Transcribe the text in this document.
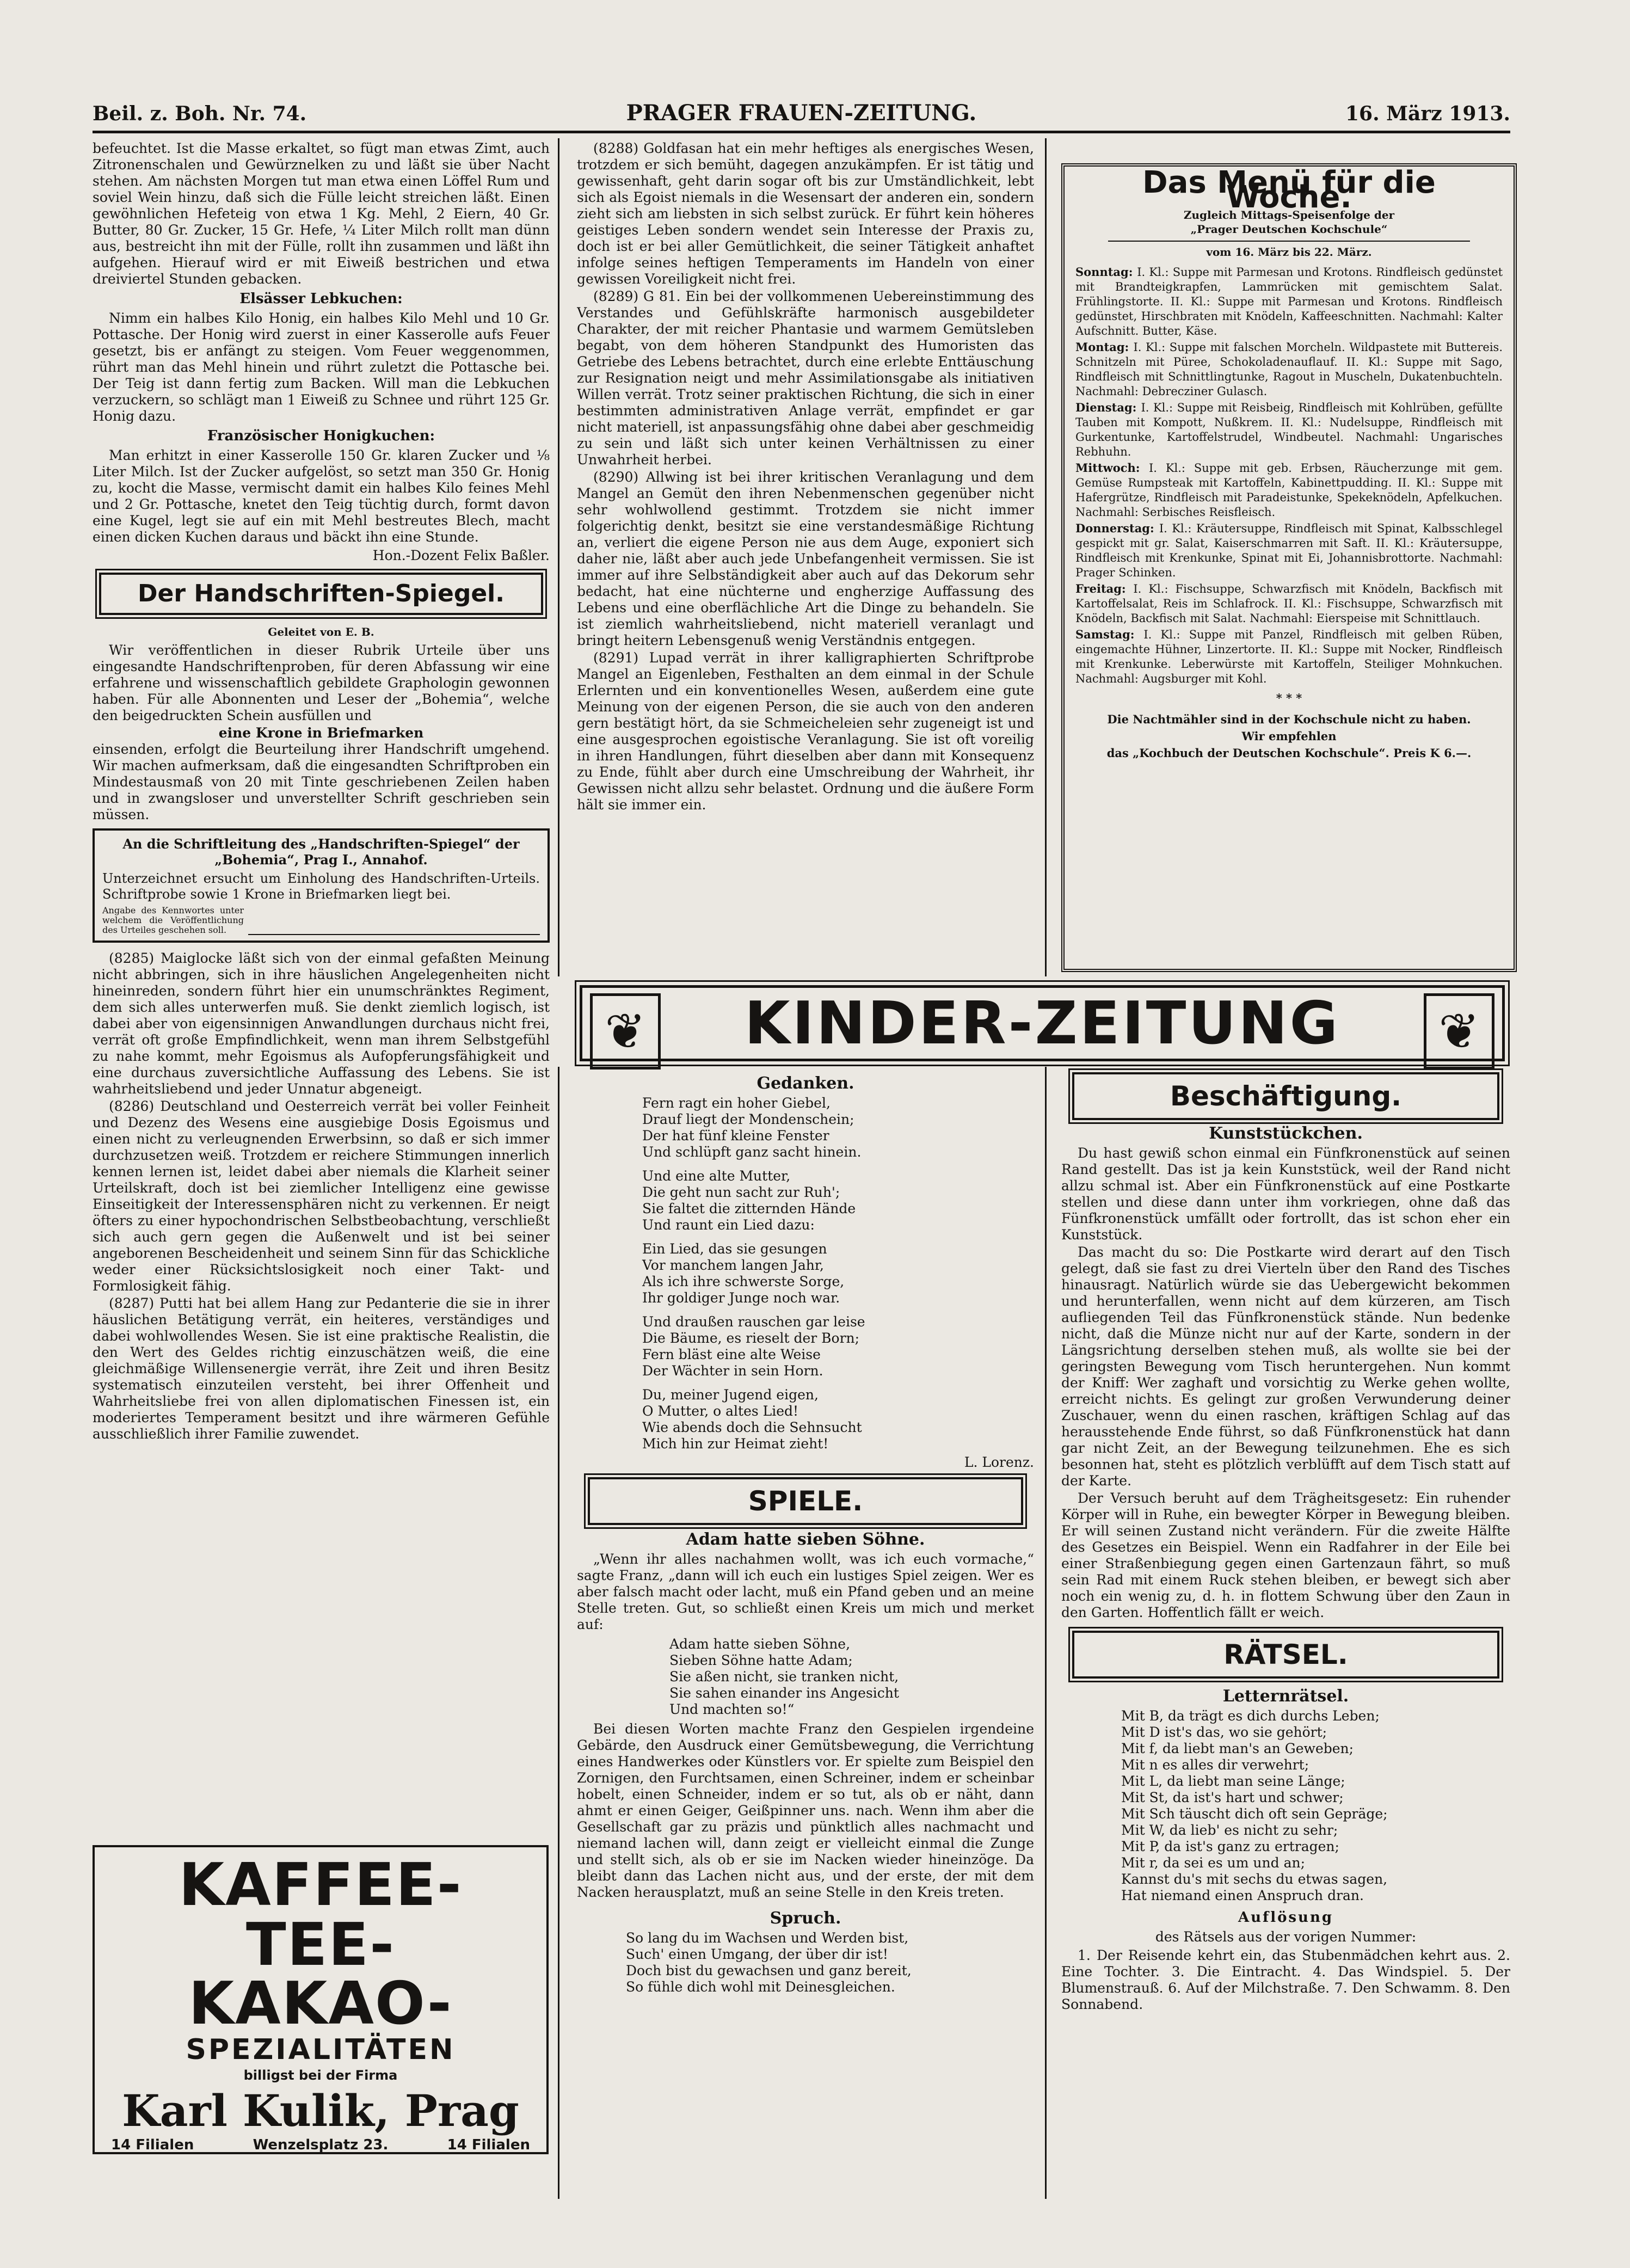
Beil. z. Boh. Nr. 74.	PRAGER FRAUEN-ZEITUNG.	16. März 1913.

befeuchtet. Ist die Masse erkaltet, so fügt man etwas Zimt, auch Zitronenschalen und Gewürznelken zu und läßt sie über Nacht stehen. Am nächsten Morgen tut man etwa einen Löffel Rum und soviel Wein hinzu, daß sich die Fülle leicht streichen läßt. Einen gewöhnlichen Hefeteig von etwa 1 Kg. Mehl, 2 Eiern, 40 Gr. Butter, 80 Gr. Zucker, 15 Gr. Hefe, ¼ Liter Milch rollt man dünn aus, bestreicht ihn mit der Fülle, rollt ihn zusammen und läßt ihn aufgehen. Hierauf wird er mit Eiweiß bestrichen und etwa dreiviertel Stunden gebacken.

Elsässer Lebkuchen:

Nimm ein halbes Kilo Honig, ein halbes Kilo Mehl und 10 Gr. Pottasche. Der Honig wird zuerst in einer Kasserolle aufs Feuer gesetzt, bis er anfängt zu steigen. Vom Feuer weggenommen, rührt man das Mehl hinein und rührt zuletzt die Pottasche bei. Der Teig ist dann fertig zum Backen. Will man die Lebkuchen verzuckern, so schlägt man 1 Eiweiß zu Schnee und rührt 125 Gr. Honig dazu.

Französischer Honigkuchen:

Man erhitzt in einer Kasserolle 150 Gr. klaren Zucker und ⅛ Liter Milch. Ist der Zucker aufgelöst, so setzt man 350 Gr. Honig zu, kocht die Masse, vermischt damit ein halbes Kilo feines Mehl und 2 Gr. Pottasche, knetet den Teig tüchtig durch, formt davon eine Kugel, legt sie auf ein mit Mehl bestreutes Blech, macht einen dicken Kuchen daraus und bäckt ihn eine Stunde.

Hon.-Dozent Felix Baßler.
Der Handschriften-Spiegel.
Geleitet von E. B.

Wir veröffentlichen in dieser Rubrik Urteile über uns eingesandte Handschriftenproben, für deren Abfassung wir eine erfahrene und wissenschaftlich gebildete Graphologin gewonnen haben. Für alle Abonnenten und Leser der „Bohemia“, welche den beigedruckten Schein ausfüllen und

eine Krone in Briefmarken

einsenden, erfolgt die Beurteilung ihrer Handschrift umgehend. Wir machen aufmerksam, daß die eingesandten Schriftproben ein Mindestausmaß von 20 mit Tinte geschriebenen Zeilen haben und in zwangsloser und unverstellter Schrift geschrieben sein müssen.

An die Schriftleitung des „Handschriften-Spiegel“ der „Bohemia“, Prag I., Annahof.
Unterzeichnet ersucht um Einholung des Handschriften-Urteils. Schriftprobe sowie 1 Krone in Briefmarken liegt bei.
Angabe des Kennwortes unter welchem die Veröffentlichung des Urteiles geschehen soll.

(8285) Maiglocke läßt sich von der einmal gefaßten Meinung nicht abbringen, sich in ihre häuslichen Angelegenheiten nicht hineinreden, sondern führt hier ein unumschränktes Regiment, dem sich alles unterwerfen muß. Sie denkt ziemlich logisch, ist dabei aber von eigensinnigen Anwandlungen durchaus nicht frei, verrät oft große Empfindlichkeit, wenn man ihrem Selbstgefühl zu nahe kommt, mehr Egoismus als Aufopferungsfähigkeit und eine durchaus zuversichtliche Auffassung des Lebens. Sie ist wahrheitsliebend und jeder Unnatur abgeneigt.

(8286) Deutschland und Oesterreich verrät bei voller Feinheit und Dezenz des Wesens eine ausgiebige Dosis Egoismus und einen nicht zu verleugnenden Erwerbsinn, so daß er sich immer durchzusetzen weiß. Trotzdem er reichere Stimmungen innerlich kennen lernen ist, leidet dabei aber niemals die Klarheit seiner Urteilskraft, doch ist bei ziemlicher Intelligenz eine gewisse Einseitigkeit der Interessensphären nicht zu verkennen. Er neigt öfters zu einer hypochondrischen Selbstbeobachtung, verschließt sich auch gern gegen die Außenwelt und ist bei seiner angeborenen Bescheidenheit und seinem Sinn für das Schickliche weder einer Rücksichtslosigkeit noch einer Takt- und Formlosigkeit fähig.

(8287) Putti hat bei allem Hang zur Pedanterie die sie in ihrer häuslichen Betätigung verrät, ein heiteres, verständiges und dabei wohlwollendes Wesen. Sie ist eine praktische Realistin, die den Wert des Geldes richtig einzuschätzen weiß, die eine gleichmäßige Willensenergie verrät, ihre Zeit und ihren Besitz systematisch einzuteilen versteht, bei ihrer Offenheit und Wahrheitsliebe frei von allen diplomatischen Finessen ist, ein moderiertes Temperament besitzt und ihre wärmeren Gefühle ausschließlich ihrer Familie zuwendet.

KAFFEE-
TEE-
KAKAO-
SPEZIALITÄTEN
billigst bei der Firma
Karl Kulik, Prag
14 Filialen	Wenzelsplatz 23.	14 Filialen

(8288) Goldfasan hat ein mehr heftiges als energisches Wesen, trotzdem er sich bemüht, dagegen anzukämpfen. Er ist tätig und gewissenhaft, geht darin sogar oft bis zur Umständlichkeit, lebt sich als Egoist niemals in die Wesensart der anderen ein, sondern zieht sich am liebsten in sich selbst zurück. Er führt kein höheres geistiges Leben sondern wendet sein Interesse der Praxis zu, doch ist er bei aller Gemütlichkeit, die seiner Tätigkeit anhaftet infolge seines heftigen Temperaments im Handeln von einer gewissen Voreiligkeit nicht frei.

(8289) G 81. Ein bei der vollkommenen Uebereinstimmung des Verstandes und Gefühlskräfte harmonisch ausgebildeter Charakter, der mit reicher Phantasie und warmem Gemütsleben begabt, von dem höheren Standpunkt des Humoristen das Getriebe des Lebens betrachtet, durch eine erlebte Enttäuschung zur Resignation neigt und mehr Assimilationsgabe als initiativen Willen verrät. Trotz seiner praktischen Richtung, die sich in einer bestimmten administrativen Anlage verrät, empfindet er gar nicht materiell, ist anpassungsfähig ohne dabei aber geschmeidig zu sein und läßt sich unter keinen Verhältnissen zu einer Unwahrheit herbei.

(8290) Allwing ist bei ihrer kritischen Veranlagung und dem Mangel an Gemüt den ihren Nebenmenschen gegenüber nicht sehr wohlwollend gestimmt. Trotzdem sie nicht immer folgerichtig denkt, besitzt sie eine verstandesmäßige Richtung an, verliert die eigene Person nie aus dem Auge, exponiert sich daher nie, läßt aber auch jede Unbefangenheit vermissen. Sie ist immer auf ihre Selbständigkeit aber auch auf das Dekorum sehr bedacht, hat eine nüchterne und engherzige Auffassung des Lebens und eine oberflächliche Art die Dinge zu behandeln. Sie ist ziemlich wahrheitsliebend, nicht materiell veranlagt und bringt heitern Lebensgenuß wenig Verständnis entgegen.

(8291) Lupad verrät in ihrer kalligraphierten Schriftprobe Mangel an Eigenleben, Festhalten an dem einmal in der Schule Erlernten und ein konventionelles Wesen, außerdem eine gute Meinung von der eigenen Person, die sie auch von den anderen gern bestätigt hört, da sie Schmeicheleien sehr zugeneigt ist und eine ausgesprochen egoistische Veranlagung. Sie ist oft voreilig in ihren Handlungen, führt dieselben aber dann mit Konsequenz zu Ende, fühlt aber durch eine Umschreibung der Wahrheit, ihr Gewissen nicht allzu sehr belastet. Ordnung und die äußere Form hält sie immer ein.

Das Menü für die Woche.
Zugleich Mittags-Speisenfolge der
„Prager Deutschen Kochschule“
vom 16. März bis 22. März.
Sonntag: I. Kl.: Suppe mit Parmesan und Krotons. Rindfleisch gedünstet mit Brandteigkrapfen, Lammrücken mit gemischtem Salat. Frühlingstorte. II. Kl.: Suppe mit Parmesan und Krotons. Rindfleisch gedünstet, Hirschbraten mit Knödeln, Kaffeeschnitten. Nachmahl: Kalter Aufschnitt. Butter, Käse.
Montag: I. Kl.: Suppe mit falschen Morcheln. Wildpastete mit Buttereis. Schnitzeln mit Püree, Schokoladenauflauf. II. Kl.: Suppe mit Sago, Rindfleisch mit Schnittlingtunke, Ragout in Muscheln, Dukatenbuchteln. Nachmahl: Debrecziner Gulasch.
Dienstag: I. Kl.: Suppe mit Reisbeig, Rindfleisch mit Kohlrüben, gefüllte Tauben mit Kompott, Nußkrem. II. Kl.: Nudelsuppe, Rindfleisch mit Gurkentunke, Kartoffelstrudel, Windbeutel. Nachmahl: Ungarisches Rebhuhn.
Mittwoch: I. Kl.: Suppe mit geb. Erbsen, Räucherzunge mit gem. Gemüse Rumpsteak mit Kartoffeln, Kabinettpudding. II. Kl.: Suppe mit Hafergrütze, Rindfleisch mit Paradeistunke, Spekeknödeln, Apfelkuchen. Nachmahl: Serbisches Reisfleisch.
Donnerstag: I. Kl.: Kräutersuppe, Rindfleisch mit Spinat, Kalbsschlegel gespickt mit gr. Salat, Kaiserschmarren mit Saft. II. Kl.: Kräutersuppe, Rindfleisch mit Krenkunke, Spinat mit Ei, Johannisbrottorte. Nachmahl: Prager Schinken.
Freitag: I. Kl.: Fischsuppe, Schwarzfisch mit Knödeln, Backfisch mit Kartoffelsalat, Reis im Schlafrock. II. Kl.: Fischsuppe, Schwarzfisch mit Knödeln, Backfisch mit Salat. Nachmahl: Eierspeise mit Schnittlauch.
Samstag: I. Kl.: Suppe mit Panzel, Rindfleisch mit gelben Rüben, eingemachte Hühner, Linzertorte. II. Kl.: Suppe mit Nocker, Rindfleisch mit Krenkunke. Leberwürste mit Kartoffeln, Steiliger Mohnkuchen. Nachmahl: Augsburger mit Kohl.
* * *
Die Nachtmähler sind in der Kochschule nicht zu haben.
Wir empfehlen
das „Kochbuch der Deutschen Kochschule“. Preis K 6.—.
❦ KINDER-ZEITUNG	❦
Gedanken.
Fern ragt ein hoher Giebel,
Drauf liegt der Mondenschein;
Der hat fünf kleine Fenster
Und schlüpft ganz sacht hinein.

Und eine alte Mutter,
Die geht nun sacht zur Ruh';
Sie faltet die zitternden Hände
Und raunt ein Lied dazu:

Ein Lied, das sie gesungen
Vor manchem langen Jahr,
Als ich ihre schwerste Sorge,
Ihr goldiger Junge noch war.

Und draußen rauschen gar leise
Die Bäume, es rieselt der Born;
Fern bläst eine alte Weise
Der Wächter in sein Horn.

Du, meiner Jugend eigen,
O Mutter, o altes Lied!
Wie abends doch die Sehnsucht
Mich hin zur Heimat zieht!
L. Lorenz.
SPIELE.
Adam hatte sieben Söhne.

„Wenn ihr alles nachahmen wollt, was ich euch vormache,“ sagte Franz, „dann will ich euch ein lustiges Spiel zeigen. Wer es aber falsch macht oder lacht, muß ein Pfand geben und an meine Stelle treten. Gut, so schließt einen Kreis um mich und merket auf:

Adam hatte sieben Söhne,
Sieben Söhne hatte Adam;
Sie aßen nicht, sie tranken nicht,
Sie sahen einander ins Angesicht
Und machten so!“

Bei diesen Worten machte Franz den Gespielen irgendeine Gebärde, den Ausdruck einer Gemütsbewegung, die Verrichtung eines Handwerkes oder Künstlers vor. Er spielte zum Beispiel den Zornigen, den Furchtsamen, einen Schreiner, indem er scheinbar hobelt, einen Schneider, indem er so tut, als ob er näht, dann ahmt er einen Geiger, Geißpinner uns. nach. Wenn ihm aber die Gesellschaft gar zu präzis und pünktlich alles nachmacht und niemand lachen will, dann zeigt er vielleicht einmal die Zunge und stellt sich, als ob er sie im Nacken wieder hineinzöge. Da bleibt dann das Lachen nicht aus, und der erste, der mit dem Nacken herausplatzt, muß an seine Stelle in den Kreis treten.

Spruch.
So lang du im Wachsen und Werden bist,
Such' einen Umgang, der über dir ist!
Doch bist du gewachsen und ganz bereit,
So fühle dich wohl mit Deinesgleichen.
Beschäftigung.
Kunststückchen.

Du hast gewiß schon einmal ein Fünfkronenstück auf seinen Rand gestellt. Das ist ja kein Kunststück, weil der Rand nicht allzu schmal ist. Aber ein Fünfkronenstück auf eine Postkarte stellen und diese dann unter ihm vorkriegen, ohne daß das Fünfkronenstück umfällt oder fortrollt, das ist schon eher ein Kunststück.

Das macht du so: Die Postkarte wird derart auf den Tisch gelegt, daß sie fast zu drei Vierteln über den Rand des Tisches hinausragt. Natürlich würde sie das Uebergewicht bekommen und herunterfallen, wenn nicht auf dem kürzeren, am Tisch aufliegenden Teil das Fünfkronenstück stände. Nun bedenke nicht, daß die Münze nicht nur auf der Karte, sondern in der Längsrichtung derselben stehen muß, als wollte sie bei der geringsten Bewegung vom Tisch heruntergehen. Nun kommt der Kniff: Wer zaghaft und vorsichtig zu Werke gehen wollte, erreicht nichts. Es gelingt zur großen Verwunderung deiner Zuschauer, wenn du einen raschen, kräftigen Schlag auf das herausstehende Ende führst, so daß Fünfkronenstück hat dann gar nicht Zeit, an der Bewegung teilzunehmen. Ehe es sich besonnen hat, steht es plötzlich verblüfft auf dem Tisch statt auf der Karte.

Der Versuch beruht auf dem Trägheitsgesetz: Ein ruhender Körper will in Ruhe, ein bewegter Körper in Bewegung bleiben. Er will seinen Zustand nicht verändern. Für die zweite Hälfte des Gesetzes ein Beispiel. Wenn ein Radfahrer in der Eile bei einer Straßenbiegung gegen einen Gartenzaun fährt, so muß sein Rad mit einem Ruck stehen bleiben, er bewegt sich aber noch ein wenig zu, d. h. in flottem Schwung über den Zaun in den Garten. Hoffentlich fällt er weich.

RÄTSEL.
Letternrätsel.
Mit B, da trägt es dich durchs Leben;
Mit D ist's das, wo sie gehört;
Mit f, da liebt man's an Geweben;
Mit n es alles dir verwehrt;
Mit L, da liebt man seine Länge;
Mit St, da ist's hart und schwer;
Mit Sch täuscht dich oft sein Gepräge;
Mit W, da lieb' es nicht zu sehr;
Mit P, da ist's ganz zu ertragen;
Mit r, da sei es um und an;
Kannst du's mit sechs du etwas sagen,
Hat niemand einen Anspruch dran.
Auflösung
des Rätsels aus der vorigen Nummer:

1. Der Reisende kehrt ein, das Stubenmädchen kehrt aus. 2. Eine Tochter. 3. Die Eintracht. 4. Das Windspiel. 5. Der Blumenstrauß. 6. Auf der Milchstraße. 7. Den Schwamm. 8. Den Sonnabend.
